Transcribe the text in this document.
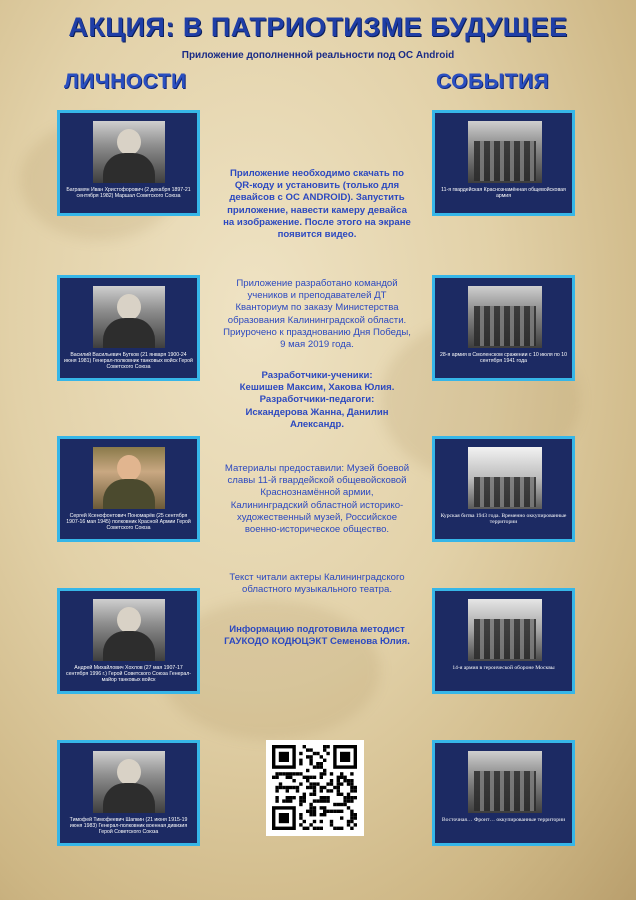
АКЦИЯ: В ПАТРИОТИЗМЕ БУДУЩЕЕ
Приложение дополненной реальности под ОС Android
ЛИЧНОСТИ	СОБЫТИЯ
Баграмян Иван Христофорович (2 декабря 1897-21 сентября 1982) Маршал Советского Союза
Василий Васильевич Бутков (21 января 1900-24 июня 1981) Генерал-полковник танковых войск Герой Советского Союза
Сергей Ксенофонтович Пономарёв (25 сентября 1907-16 мая 1945) полковник Красной Армии Герой Советского Союза
Андрей Михайлович Хохлов (27 мая 1907-17 сентября 1996 г.) Герой Советского Союза Генерал-майор танковых войск
Тимофей Тимофеевич Шапкин (21 июня 1915-19 июня 1983) Генерал-полковник военная дивизия Герой Советского Союза
11-я гвардейская Краснознамённая общевойсковая армия
28-я армия в Смоленском сражении с 10 июля по 10 сентября 1941 года
Курская битва 1943 года. Временно оккупированные территории
14-я армия в героической обороне Москвы
Восточная… Фронт… оккупированные территории
Приложение необходимо скачать по QR-коду и установить (только для девайсов с ОС ANDROID). Запустить приложение, навести камеру девайса на изображение. После этого на экране появится видео.
Приложение разработано командой учеников и преподавателей ДТ Кванториум по заказу Министерства образования Калининградской области. Приурочено к празднованию Дня Победы, 9 мая 2019 года.
Разработчики-ученики:
Кешишев Максим, Хакова Юлия.
Разработчики-педагоги:
Искандерова Жанна, Данилин Александр.
Материалы предоставили: Музей боевой славы 11-й гвардейской общевойсковой Краснознамённой армии, Калининградский областной историко-художественный музей, Российское военно-историческое общество.
Текст читали актеры Калининградского областного музыкального театра.
Информацию подготовила методист ГАУКОДО КОДЮЦЭКТ Семенова Юлия.
